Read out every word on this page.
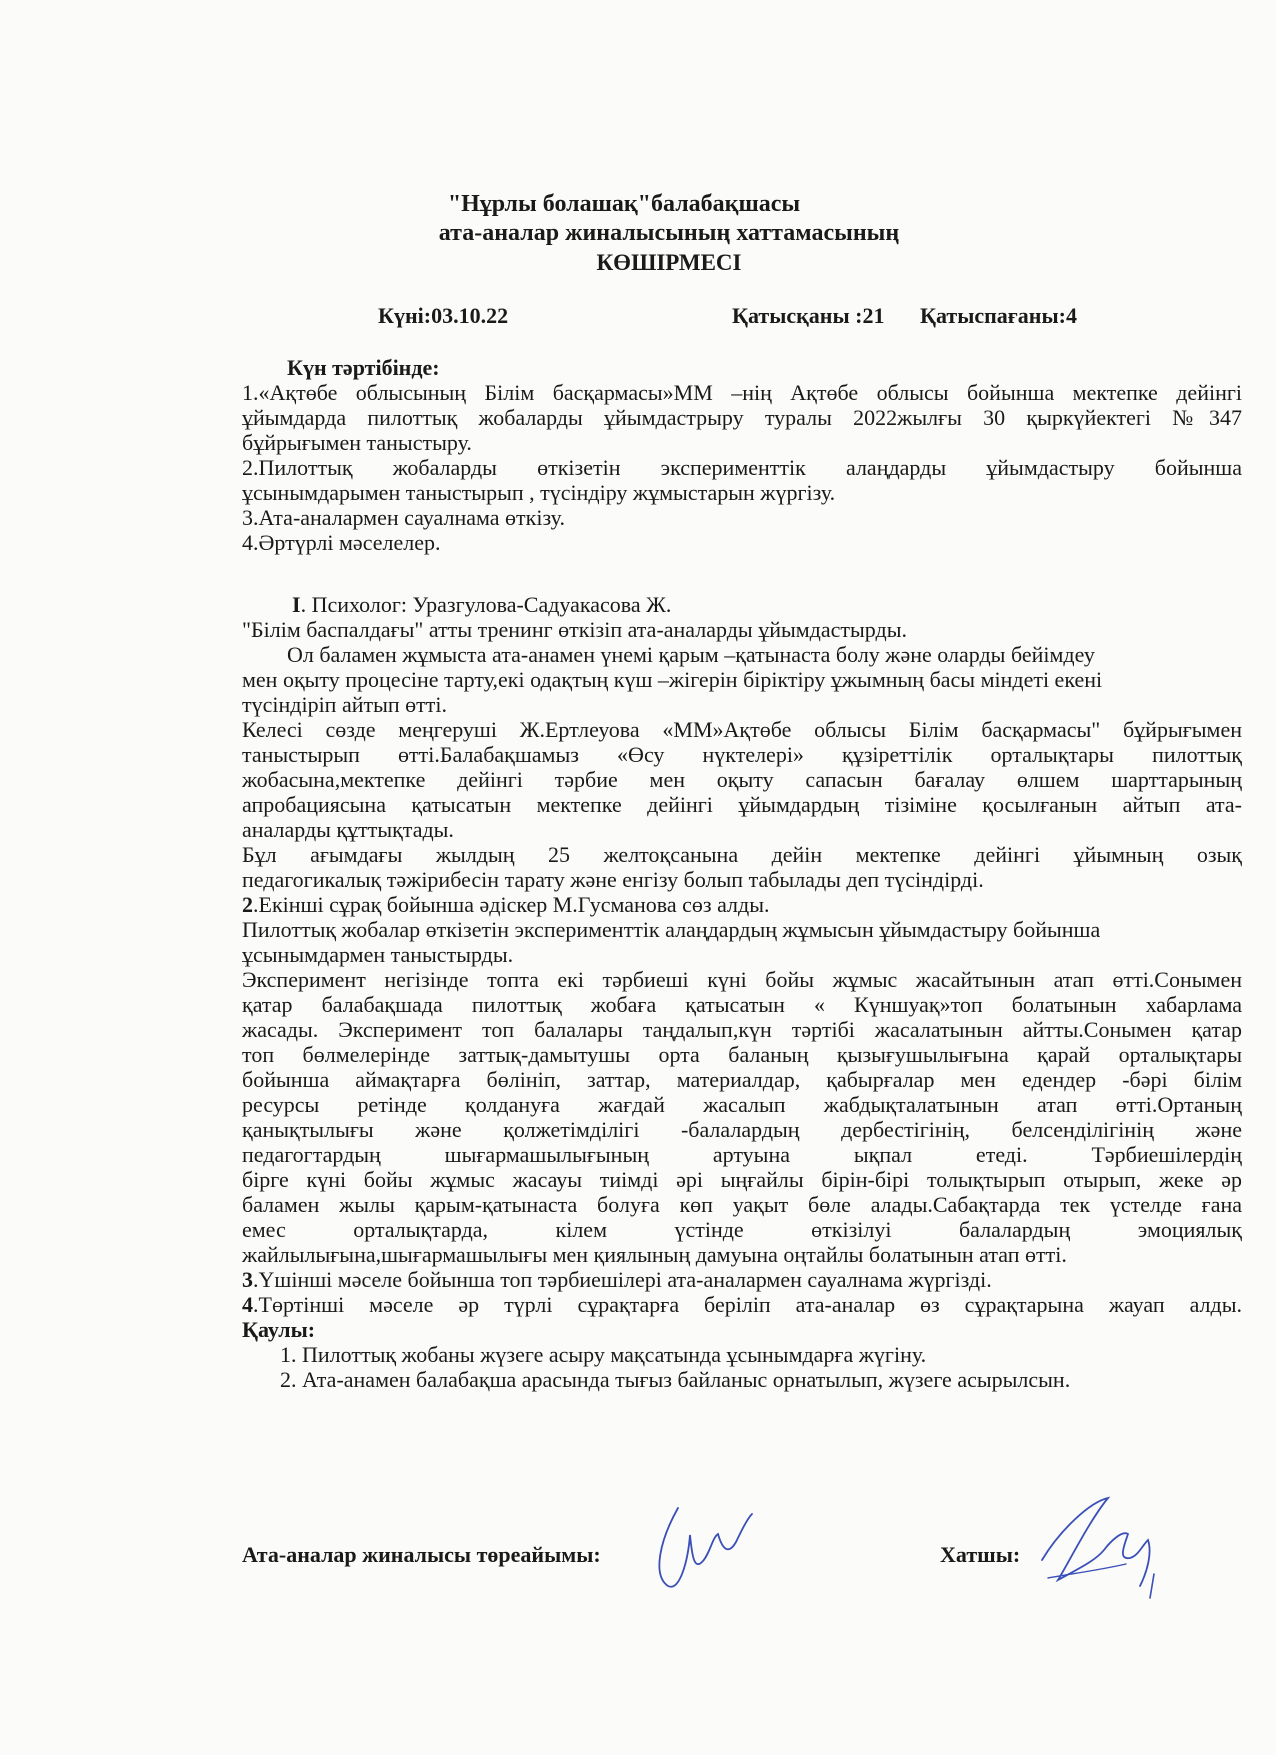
"Нұрлы болашақ"балабақшасы
ата-аналар жиналысының хаттамасының
КӨШІРМЕСІ
Күні:03.10.22	Қатысқаны :21 Қатыспағаны:4

Күн тәртібінде:

1.«Ақтөбе облысының Білім басқармасы»ММ –нің Ақтөбе облысы бойынша мектепке дейінгі

ұйымдарда пилоттық жобаларды ұйымдастрыру туралы 2022жылғы 30 қыркүйектегі №347

бұйрығымен таныстыру.

2.Пилоттық жобаларды өткізетін эксперименттік алаңдарды ұйымдастыру бойынша

ұсынымдарымен таныстырып , түсіндіру жұмыстарын жүргізу.

3.Ата-аналармен сауалнама өткізу.

4.Әртүрлі мәселелер.

I. Психолог: Уразгулова-Садуакасова Ж.

"Білім баспалдағы" атты тренинг өткізіп ата-аналарды ұйымдастырды.

Ол баламен жұмыста ата-анамен үнемі қарым –қатынаста болу және оларды бейімдеу

мен оқыту процесіне тарту,екі одақтың күш –жігерін біріктіру ұжымның басы міндеті екені

түсіндіріп айтып өтті.

Келесі сөзде меңгеруші Ж.Ертлеуова «ММ»Ақтөбе облысы Білім басқармасы" бұйрығымен

таныстырып өтті.Балабақшамыз «Өсу нүктелері» құзіреттілік орталықтары пилоттық

жобасына,мектепке дейінгі тәрбие мен оқыту сапасын бағалау өлшем шарттарының

апробациясына қатысатын мектепке дейінгі ұйымдардың тізіміне қосылғанын айтып ата-

аналарды құттықтады.

Бұл ағымдағы жылдың 25 желтоқсанына дейін мектепке дейінгі ұйымның озық

педагогикалық тәжірибесін тарату және енгізу болып табылады деп түсіндірді.

2.Екінші сұрақ бойынша әдіскер М.Гусманова сөз алды.

Пилоттық жобалар өткізетін эксперименттік алаңдардың жұмысын ұйымдастыру бойынша

ұсынымдармен таныстырды.

Эксперимент негізінде топта екі тәрбиеші күні бойы жұмыс жасайтынын атап өтті.Сонымен

қатар балабақшада пилоттық жобаға қатысатын « Күншуақ»топ болатынын хабарлама

жасады. Эксперимент топ балалары таңдалып,күн тәртібі жасалатынын айтты.Сонымен қатар

топ бөлмелерінде заттық-дамытушы орта баланың қызығушылығына қарай орталықтары

бойынша аймақтарға бөлініп, заттар, материалдар, қабырғалар мен едендер -бәрі білім

ресурсы ретінде қолдануға жағдай жасалып жабдықталатынын атап өтті.Ортаның

қанықтылығы және қолжетімділігі -балалардың дербестігінің, белсенділігінің және

педагогтардың шығармашылығының артуына ықпал етеді. Тәрбиешілердің

бірге күні бойы жұмыс жасауы тиімді әрі ыңғайлы бірін-бірі толықтырып отырып, жеке әр

баламен жылы қарым-қатынаста болуға көп уақыт бөле алады.Сабақтарда тек үстелде ғана

емес орталықтарда, кілем үстінде өткізілуі балалардың эмоциялық

жайлылығына,шығармашылығы мен қиялының дамуына оңтайлы болатынын атап өтті.

3.Үшінші мәселе бойынша топ тәрбиешілері ата-аналармен сауалнама жүргізді.

4.Төртінші мәселе әр түрлі сұрақтарға беріліп ата-аналар өз сұрақтарына жауап алды.

Қаулы:

1. Пилоттық жобаны жүзеге асыру мақсатында ұсынымдарға жүгіну.
2. Ата-анамен балабақша арасында тығыз байланыс орнатылып, жүзеге асырылсын.
Ата-аналар жиналысы төреайымы:	Хатшы:
